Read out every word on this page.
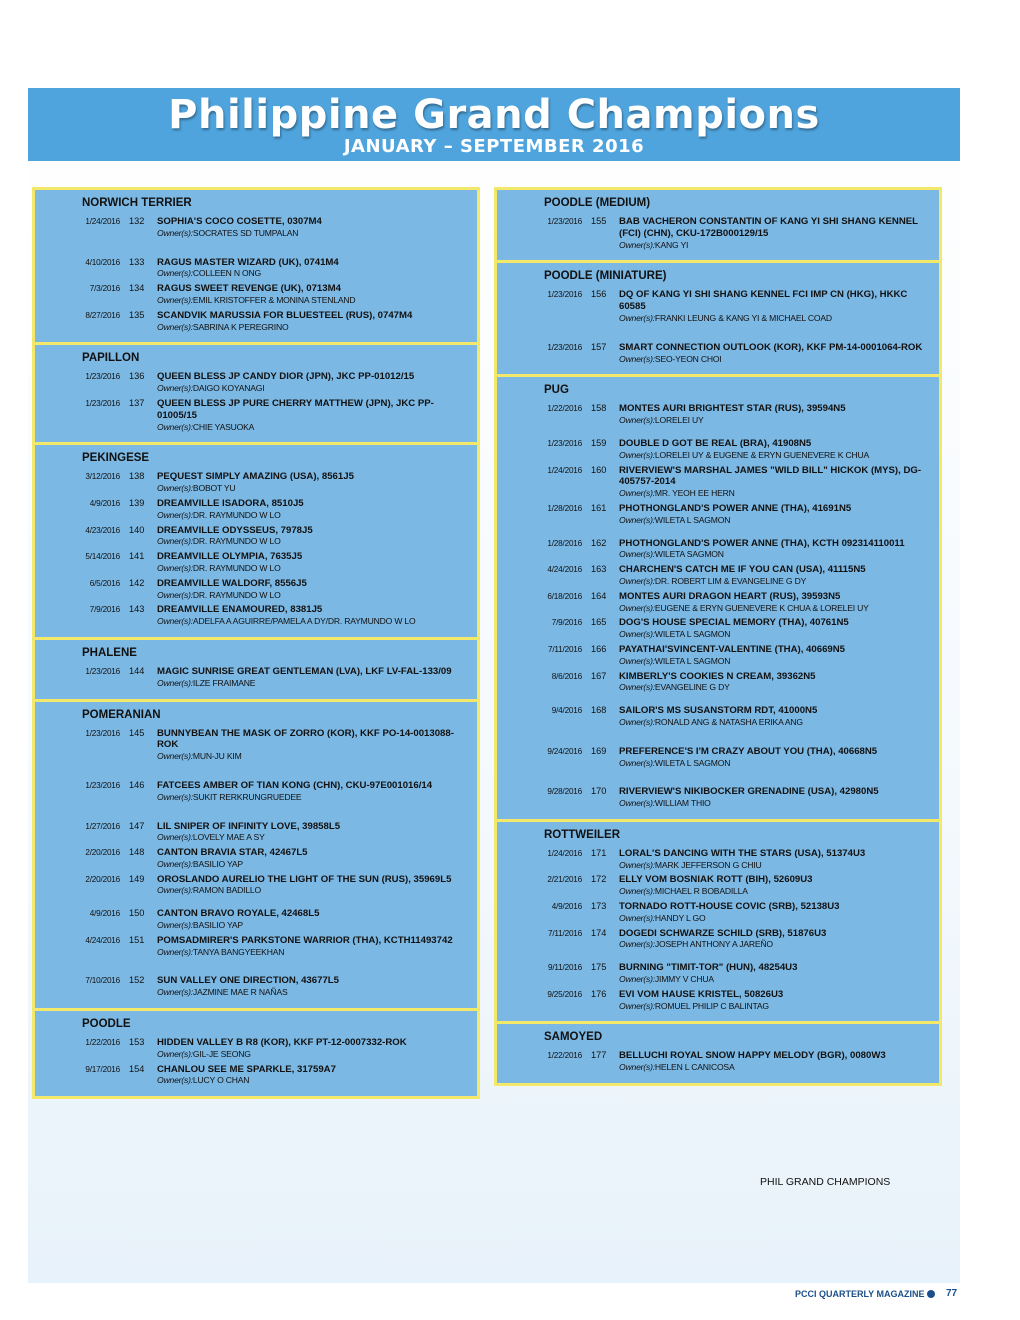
Philippine Grand Champions
JANUARY – SEPTEMBER 2016
NORWICH TERRIER
1/24/2016 132	SOPHIA'S COCO COSETTE, 0307M4
Owner(s):SOCRATES SD TUMPALAN
4/10/2016 133	RAGUS MASTER WIZARD (UK), 0741M4
Owner(s):COLLEEN N ONG
7/3/2016 134	RAGUS SWEET REVENGE (UK), 0713M4
Owner(s):EMIL KRISTOFFER & MONINA STENLAND
8/27/2016 135	SCANDVIK MARUSSIA FOR BLUESTEEL (RUS), 0747M4
Owner(s):SABRINA K PEREGRINO
PAPILLON
1/23/2016 136	QUEEN BLESS JP CANDY DIOR (JPN), JKC PP-01012/15
Owner(s):DAIGO KOYANAGI
1/23/2016 137	QUEEN BLESS JP PURE CHERRY MATTHEW (JPN), JKC PP-01005/15
Owner(s):CHIE YASUOKA
PEKINGESE
3/12/2016 138	PEQUEST SIMPLY AMAZING (USA), 8561J5
Owner(s):BOBOT YU
4/9/2016 139	DREAMVILLE ISADORA, 8510J5
Owner(s):DR. RAYMUNDO W LO
4/23/2016 140	DREAMVILLE ODYSSEUS, 7978J5
Owner(s):DR. RAYMUNDO W LO
5/14/2016 141	DREAMVILLE OLYMPIA, 7635J5
Owner(s):DR. RAYMUNDO W LO
6/5/2016 142	DREAMVILLE WALDORF, 8556J5
Owner(s):DR. RAYMUNDO W LO
7/9/2016 143	DREAMVILLE ENAMOURED, 8381J5
Owner(s):ADELFA A AGUIRRE/PAMELA A DY/DR. RAYMUNDO W LO
PHALENE
1/23/2016 144	MAGIC SUNRISE GREAT GENTLEMAN (LVA), LKF LV-FAL-133/09
Owner(s):ILZE FRAIMANE
POMERANIAN
1/23/2016 145	BUNNYBEAN THE MASK OF ZORRO (KOR), KKF PO-14-0013088-ROK
Owner(s):MUN-JU KIM
1/23/2016 146	FATCEES AMBER OF TIAN KONG (CHN), CKU-97E001016/14
Owner(s):SUKIT RERKRUNGRUEDEE
1/27/2016 147	LIL SNIPER OF INFINITY LOVE, 39858L5
Owner(s):LOVELY MAE A SY
2/20/2016 148	CANTON BRAVIA STAR, 42467L5
Owner(s):BASILIO YAP
2/20/2016 149	OROSLANDO AURELIO THE LIGHT OF THE SUN (RUS), 35969L5
Owner(s):RAMON BADILLO
4/9/2016 150	CANTON BRAVO ROYALE, 42468L5
Owner(s):BASILIO YAP
4/24/2016 151	POMSADMIRER'S PARKSTONE WARRIOR (THA), KCTH11493742
Owner(s):TANYA BANGYEEKHAN
7/10/2016 152	SUN VALLEY ONE DIRECTION, 43677L5
Owner(s):JAZMINE MAE R NAÑAS
POODLE
1/22/2016 153	HIDDEN VALLEY B R8 (KOR), KKF PT-12-0007332-ROK
Owner(s):GIL-JE SEONG
9/17/2016 154	CHANLOU SEE ME SPARKLE, 31759A7
Owner(s):LUCY O CHAN
POODLE (MEDIUM)
1/23/2016 155	BAB VACHERON CONSTANTIN OF KANG YI SHI SHANG KENNEL (FCI) (CHN), CKU-172B000129/15
Owner(s):KANG YI
POODLE (MINIATURE)
1/23/2016 156	DQ OF KANG YI SHI SHANG KENNEL FCI IMP CN (HKG), HKKC 60585
Owner(s):FRANKI LEUNG & KANG YI & MICHAEL COAD
1/23/2016 157	SMART CONNECTION OUTLOOK (KOR), KKF PM-14-0001064-ROK
Owner(s):SEO-YEON CHOI
PUG
1/22/2016 158	MONTES AURI BRIGHTEST STAR (RUS), 39594N5
Owner(s):LORELEI UY
1/23/2016 159	DOUBLE D GOT BE REAL (BRA), 41908N5
Owner(s):LORELEI UY & EUGENE & ERYN GUENEVERE K CHUA
1/24/2016 160	RIVERVIEW'S MARSHAL JAMES "WILD BILL" HICKOK (MYS), DG-405757-2014
Owner(s):MR. YEOH EE HERN
1/28/2016 161	PHOTHONGLAND'S POWER ANNE (THA), 41691N5
Owner(s):WILETA L SAGMON
1/28/2016 162	PHOTHONGLAND'S POWER ANNE (THA), KCTH 092314110011
Owner(s):WILETA SAGMON
4/24/2016 163	CHARCHEN'S CATCH ME IF YOU CAN (USA), 41115N5
Owner(s):DR. ROBERT LIM & EVANGELINE G DY
6/18/2016 164	MONTES AURI DRAGON HEART (RUS), 39593N5
Owner(s):EUGENE & ERYN GUENEVERE K CHUA & LORELEI UY
7/9/2016 165	DOG'S HOUSE SPECIAL MEMORY (THA), 40761N5
Owner(s):WILETA L SAGMON
7/11/2016 166	PAYATHAI'SVINCENT-VALENTINE (THA), 40669N5
Owner(s):WILETA L SAGMON
8/6/2016 167	KIMBERLY'S COOKIES N CREAM, 39362N5
Owner(s):EVANGELINE G DY
9/4/2016 168	SAILOR'S MS SUSANSTORM RDT, 41000N5
Owner(s):RONALD ANG & NATASHA ERIKA ANG
9/24/2016 169	PREFERENCE'S I'M CRAZY ABOUT YOU (THA), 40668N5
Owner(s):WILETA L SAGMON
9/28/2016 170	RIVERVIEW'S NIKIBOCKER GRENADINE (USA), 42980N5
Owner(s):WILLIAM THIO
ROTTWEILER
1/24/2016 171	LORAL'S DANCING WITH THE STARS (USA), 51374U3
Owner(s):MARK JEFFERSON G CHIU
2/21/2016 172	ELLY VOM BOSNIAK ROTT (BIH), 52609U3
Owner(s):MICHAEL R BOBADILLA
4/9/2016 173	TORNADO ROTT-HOUSE COVIC (SRB), 52138U3
Owner(s):HANDY L GO
7/11/2016 174	DOGEDI SCHWARZE SCHILD (SRB), 51876U3
Owner(s):JOSEPH ANTHONY A JAREÑO
9/11/2016 175	BURNING "TIMIT-TOR" (HUN), 48254U3
Owner(s):JIMMY V CHUA
9/25/2016 176	EVI VOM HAUSE KRISTEL, 50826U3
Owner(s):ROMUEL PHILIP C BALINTAG
SAMOYED
1/22/2016 177	BELLUCHI ROYAL SNOW HAPPY MELODY (BGR), 0080W3
Owner(s):HELEN L CANICOSA
PHIL GRAND CHAMPIONS
PCCI QUARTERLY MAGAZINE 77
